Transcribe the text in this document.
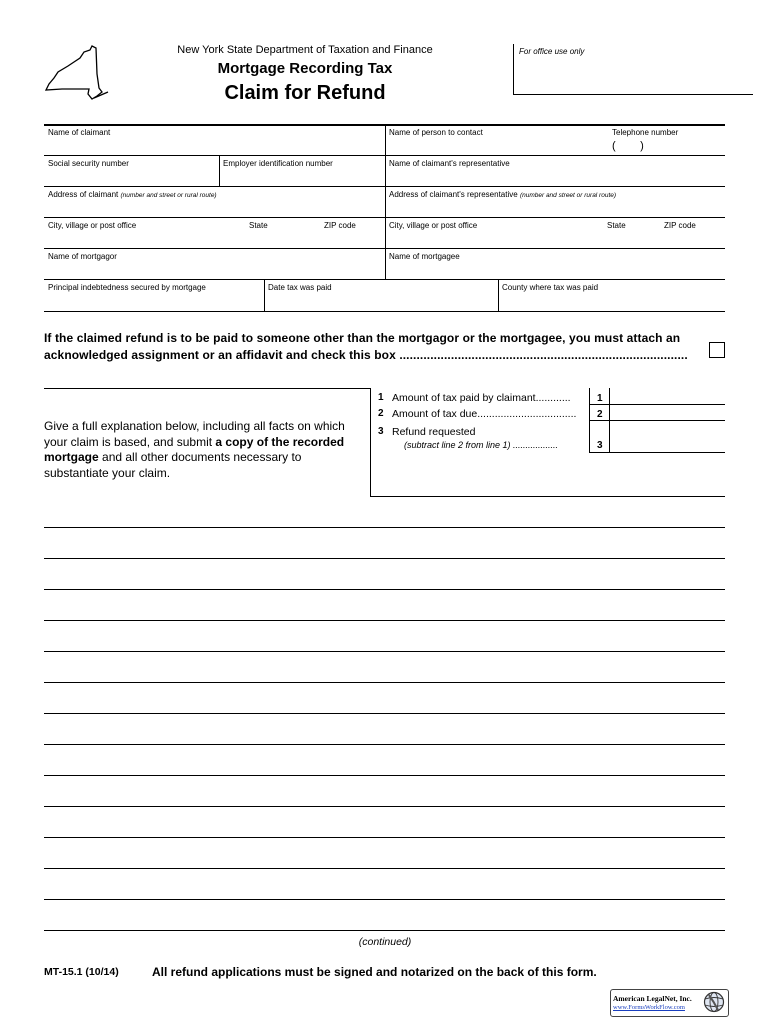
New York State Department of Taxation and Finance
Mortgage Recording Tax
Claim for Refund
For office use only
Name of claimant	Name of person to contact	Telephone number
(        )
Social security number	Employer identification number	Name of claimant's representative
Address of claimant (number and street or rural route)	Address of claimant's representative (number and street or rural route)
City, village or post office	State	ZIP code	City, village or post office	State	ZIP code
Name of mortgagor	Name of mortgagee
Principal indebtedness secured by mortgage	Date tax was paid	County where tax was paid
If the claimed refund is to be paid to someone other than the mortgagor or the mortgagee, you must attach an acknowledged assignment or an affidavit and check this box ....................................................................................
Give a full explanation below, including all facts on which your claim is based, and submit a copy of the recorded mortgage and all other documents necessary to substantiate your claim.
1 Amount of tax paid by claimant............	1
2 Amount of tax due.................................. 2
3 Refund requested
(subtract line 2 from line 1) ..................	3
(continued)
MT-15.1 (10/14)	All refund applications must be signed and notarized on the back of this form.
American LegalNet, Inc.
www.FormsWorkFlow.com
